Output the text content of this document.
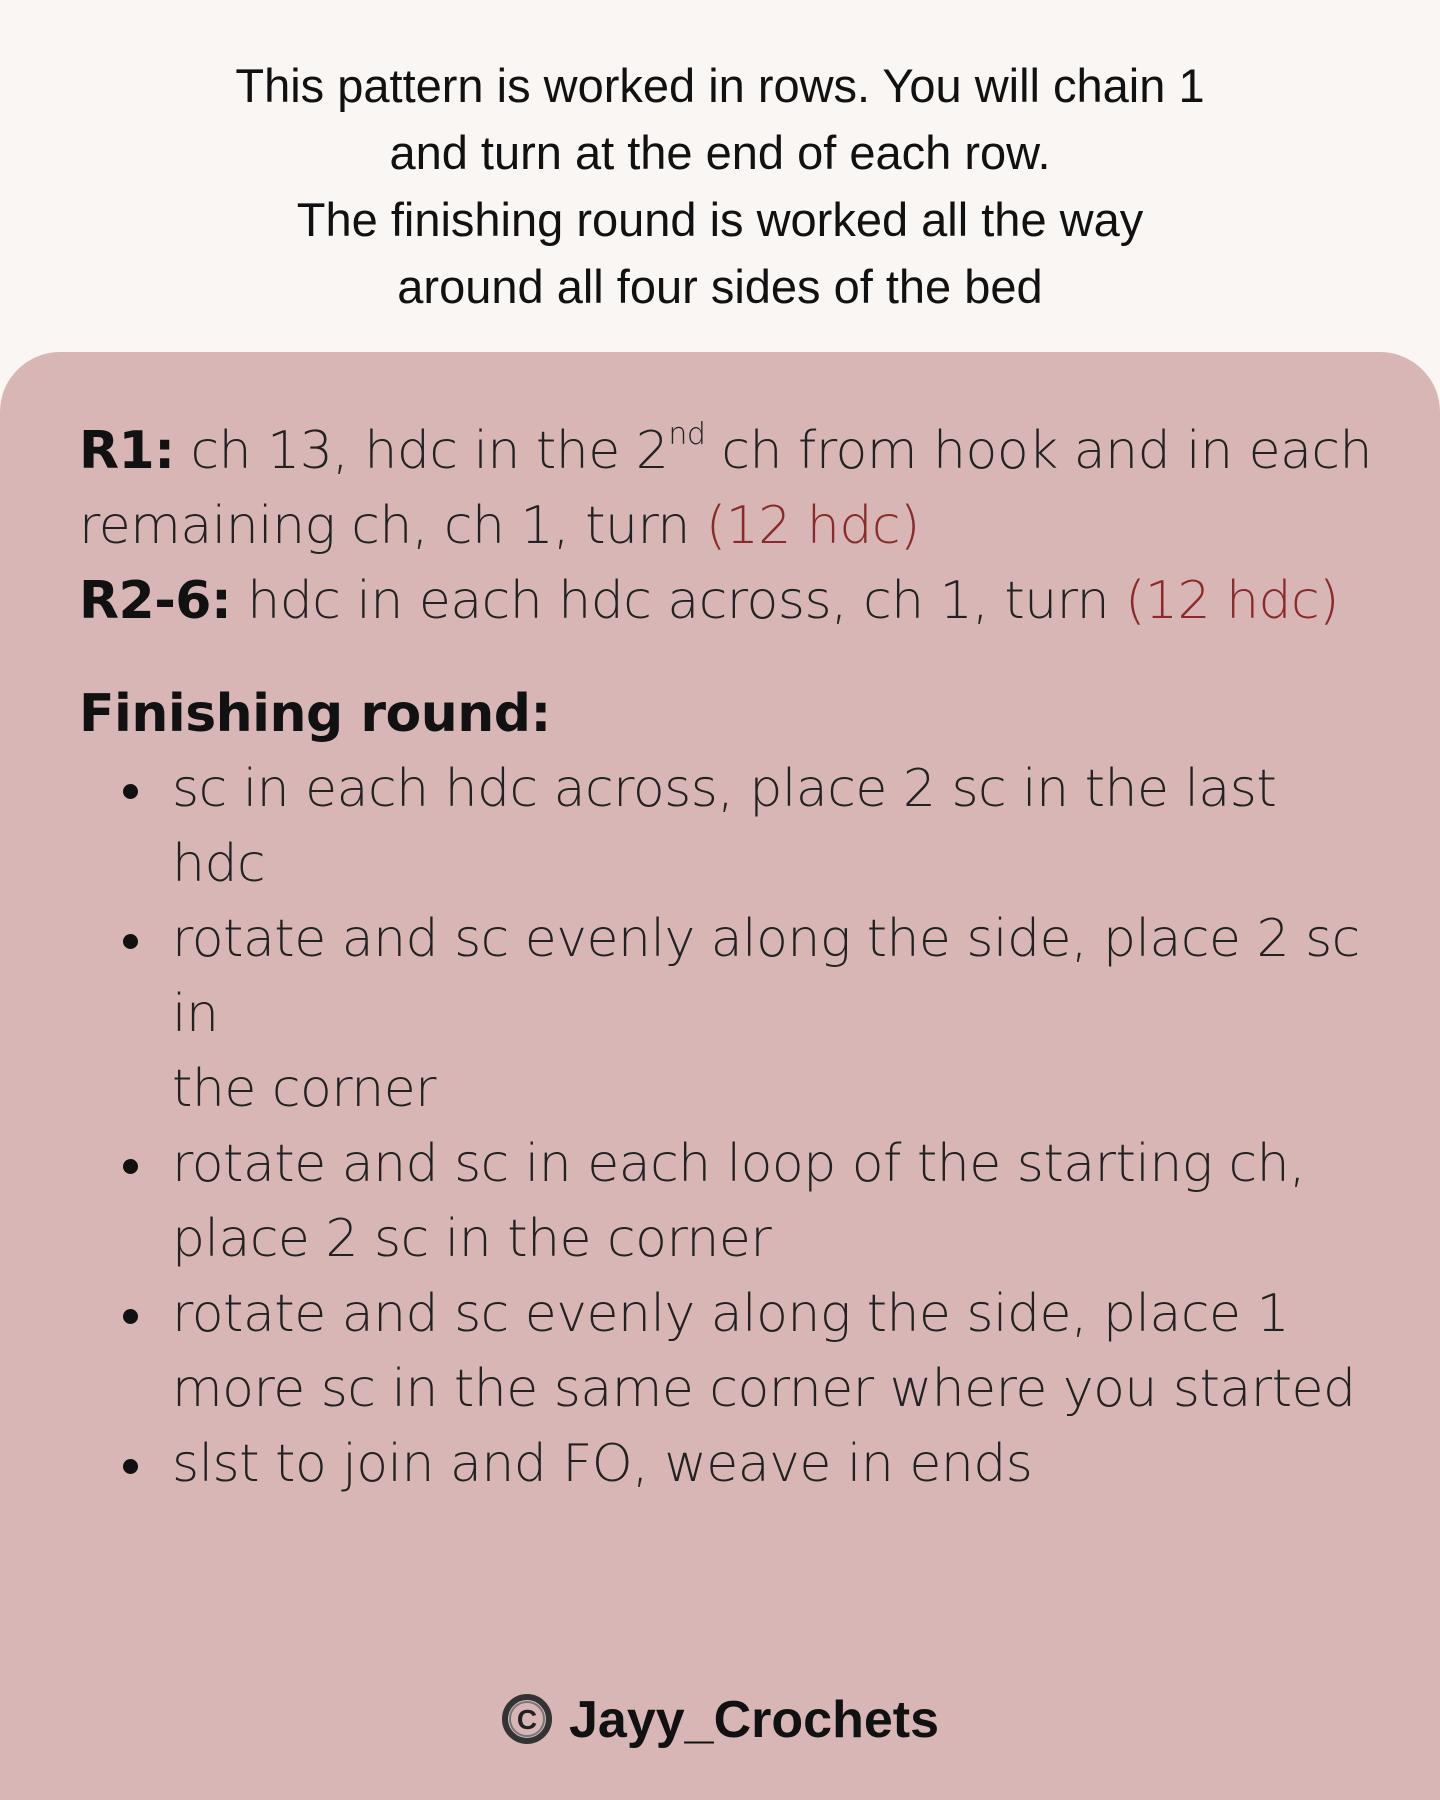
This pattern is worked in rows. You will chain 1
and turn at the end of each row.
The finishing round is worked all the way
around all four sides of the bed
R1: ch 13, hdc in the 2nd ch from hook and in each
remaining ch, ch 1, turn (12 hdc)
R2-6: hdc in each hdc across, ch 1, turn (12 hdc)
Finishing round:
sc in each hdc across, place 2 sc in the last hdc
rotate and sc evenly along the side, place 2 sc in
the corner
rotate and sc in each loop of the starting ch,
place 2 sc in the corner
rotate and sc evenly along the side, place 1
more sc in the same corner where you started
slst to join and FO, weave in ends
C Jayy_Crochets
